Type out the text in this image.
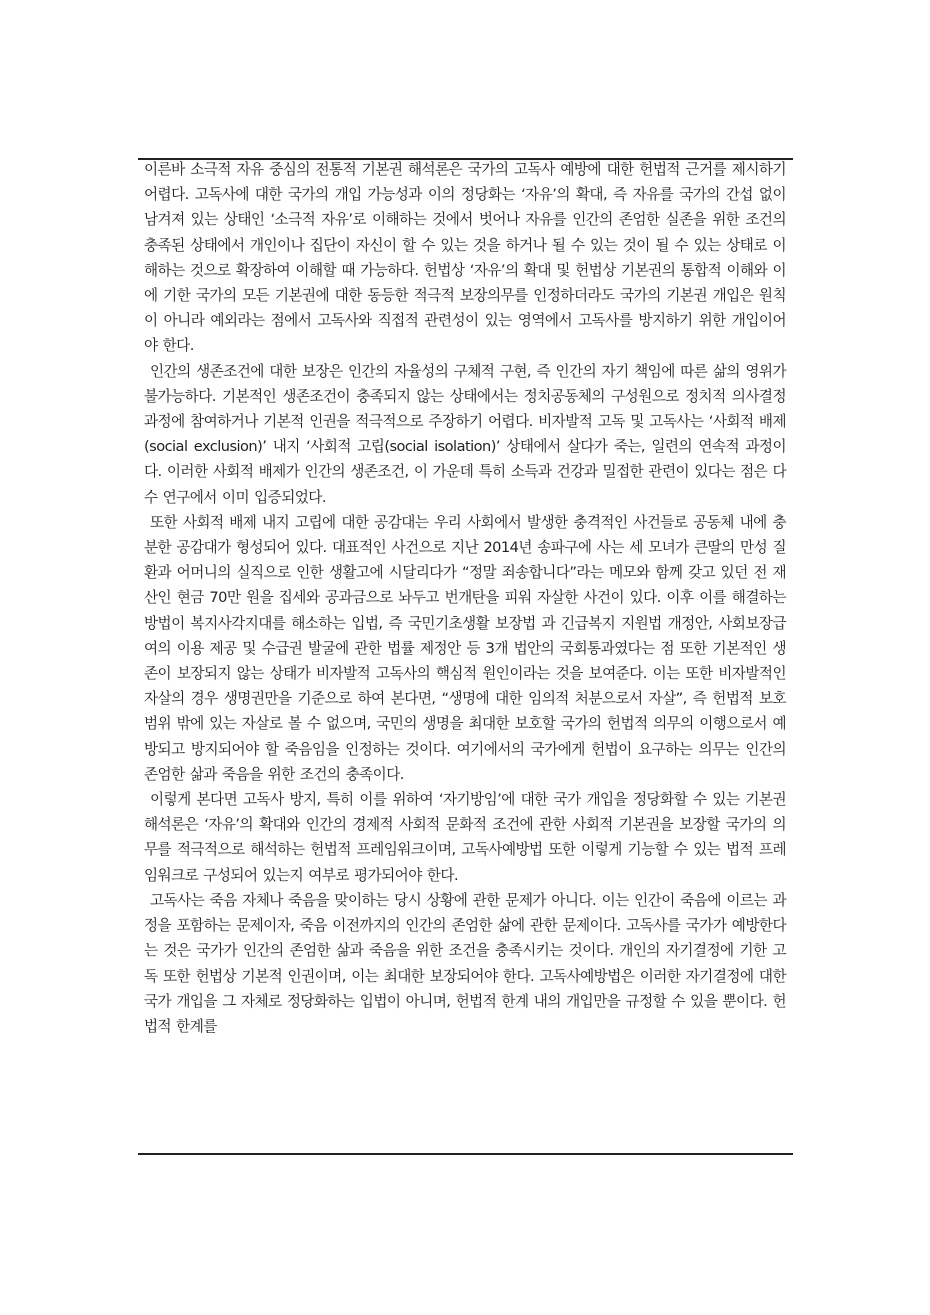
이른바 소극적 자유 중심의 전통적 기본권 해석론은 국가의 고독사 예방에 대한 헌법적 근거를 제시하기 어렵다. 고독사에 대한 국가의 개입 가능성과 이의 정당화는 ‘자유’의 확대, 즉 자유를 국가의 간섭 없이 남겨져 있는 상태인 ‘소극적 자유’로 이해하는 것에서 벗어나 자유를 인간의 존엄한 실존을 위한 조건의 충족된 상태에서 개인이나 집단이 자신이 할 수 있는 것을 하거나 될 수 있는 것이 될 수 있는 상태로 이해하는 것으로 확장하여 이해할 때 가능하다. 헌법상 ‘자유’의 확대 및 헌법상 기본권의 통합적 이해와 이에 기한 국가의 모든 기본권에 대한 동등한 적극적 보장의무를 인정하더라도 국가의 기본권 개입은 원칙이 아니라 예외라는 점에서 고독사와 직접적 관련성이 있는 영역에서 고독사를 방지하기 위한 개입이어야 한다.

인간의 생존조건에 대한 보장은 인간의 자율성의 구체적 구현, 즉 인간의 자기 책임에 따른 삶의 영위가 불가능하다. 기본적인 생존조건이 충족되지 않는 상태에서는 정치공동체의 구성원으로 정치적 의사결정과정에 참여하거나 기본적 인권을 적극적으로 주장하기 어렵다. 비자발적 고독 및 고독사는 ‘사회적 배제(social exclusion)’ 내지 ‘사회적 고립(social isolation)’ 상태에서 살다가 죽는, 일련의 연속적 과정이다. 이러한 사회적 배제가 인간의 생존조건, 이 가운데 특히 소득과 건강과 밀접한 관련이 있다는 점은 다수 연구에서 이미 입증되었다.

또한 사회적 배제 내지 고립에 대한 공감대는 우리 사회에서 발생한 충격적인 사건들로 공동체 내에 충분한 공감대가 형성되어 있다. 대표적인 사건으로 지난 2014년 송파구에 사는 세 모녀가 큰딸의 만성 질환과 어머니의 실직으로 인한 생활고에 시달리다가 “정말 죄송합니다”라는 메모와 함께 갖고 있던 전 재산인 현금 70만 원을 집세와 공과금으로 놔두고 번개탄을 피워 자살한 사건이 있다. 이후 이를 해결하는 방법이 복지사각지대를 해소하는 입법, 즉 국민기초생활 보장법 과 긴급복지 지원법 개정안, 사회보장급여의 이용 제공 및 수급권 발굴에 관한 법률 제정안 등 3개 법안의 국회통과였다는 점 또한 기본적인 생존이 보장되지 않는 상태가 비자발적 고독사의 핵심적 원인이라는 것을 보여준다. 이는 또한 비자발적인 자살의 경우 생명권만을 기준으로 하여 본다면, “생명에 대한 임의적 처분으로서 자살”, 즉 헌법적 보호범위 밖에 있는 자살로 볼 수 없으며, 국민의 생명을 최대한 보호할 국가의 헌법적 의무의 이행으로서 예방되고 방지되어야 할 죽음임을 인정하는 것이다. 여기에서의 국가에게 헌법이 요구하는 의무는 인간의 존엄한 삶과 죽음을 위한 조건의 충족이다.

이렇게 본다면 고독사 방지, 특히 이를 위하여 ‘자기방임’에 대한 국가 개입을 정당화할 수 있는 기본권 해석론은 ‘자유’의 확대와 인간의 경제적 사회적 문화적 조건에 관한 사회적 기본권을 보장할 국가의 의무를 적극적으로 해석하는 헌법적 프레임워크이며, 고독사예방법 또한 이렇게 기능할 수 있는 법적 프레임워크로 구성되어 있는지 여부로 평가되어야 한다.

고독사는 죽음 자체나 죽음을 맞이하는 당시 상황에 관한 문제가 아니다. 이는 인간이 죽음에 이르는 과정을 포함하는 문제이자, 죽음 이전까지의 인간의 존엄한 삶에 관한 문제이다. 고독사를 국가가 예방한다는 것은 국가가 인간의 존엄한 삶과 죽음을 위한 조건을 충족시키는 것이다. 개인의 자기결정에 기한 고독 또한 헌법상 기본적 인권이며, 이는 최대한 보장되어야 한다. 고독사예방법은 이러한 자기결정에 대한 국가 개입을 그 자체로 정당화하는 입법이 아니며, 헌법적 한계 내의 개입만을 규정할 수 있을 뿐이다. 헌법적 한계를
